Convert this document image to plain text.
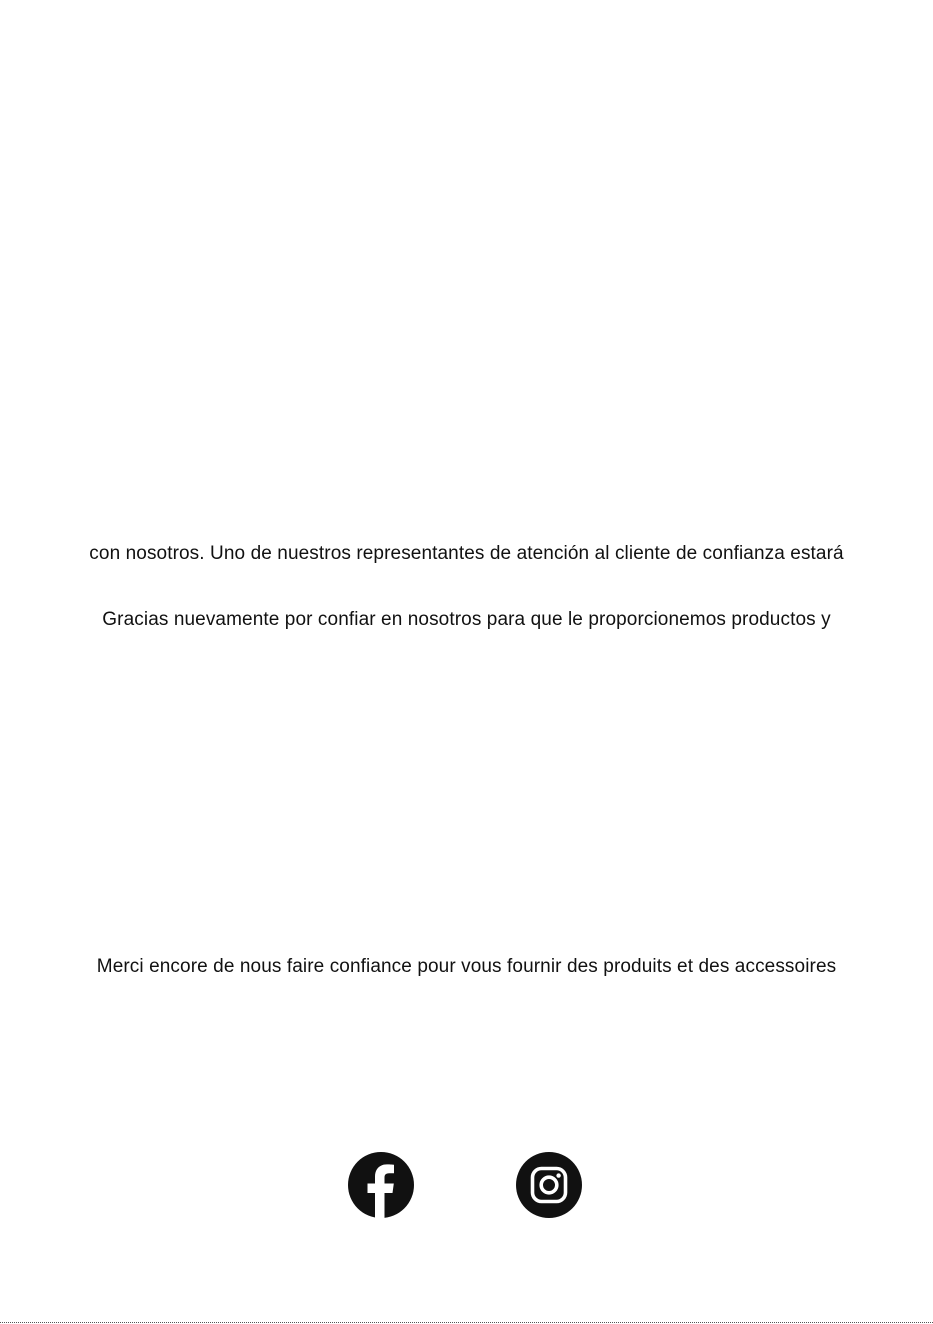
con nosotros. Uno de nuestros representantes de atención al cliente de confianza estará
Gracias nuevamente por confiar en nosotros para que le proporcionemos productos y
Merci encore de nous faire confiance pour vous fournir des produits et des accessoires
